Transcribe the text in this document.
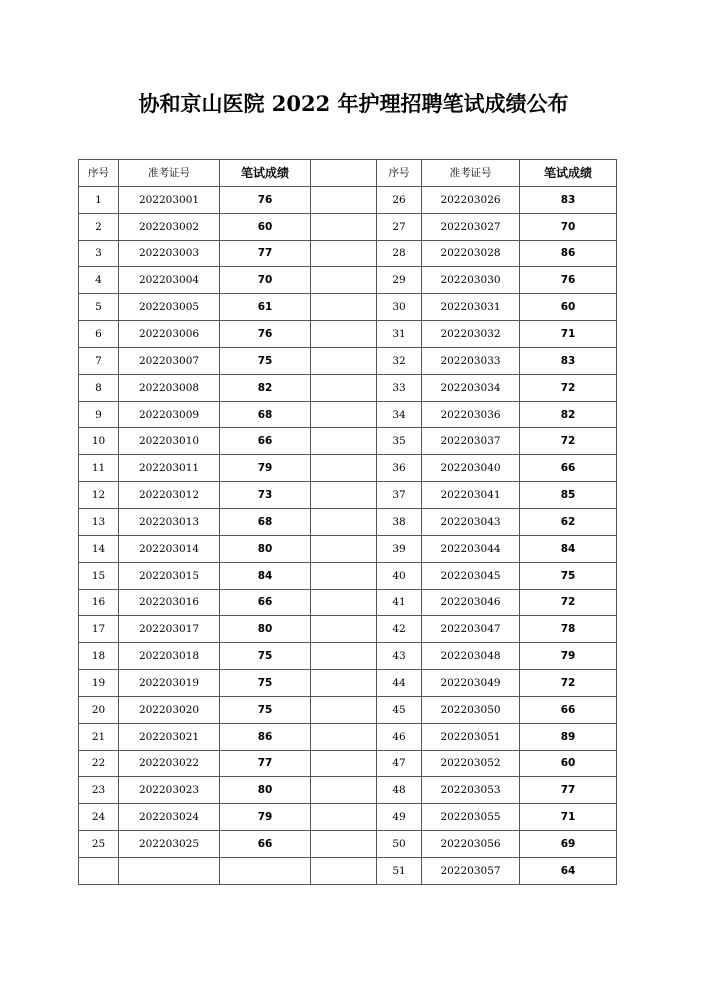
协和京山医院 2022 年护理招聘笔试成绩公布
序号	准考证号	笔试成绩		序号	准考证号	笔试成绩
1	202203001	76		26	202203026	83
2	202203002	60		27	202203027	70
3	202203003	77		28	202203028	86
4	202203004	70		29	202203030	76
5	202203005	61		30	202203031	60
6	202203006	76		31	202203032	71
7	202203007	75		32	202203033	83
8	202203008	82		33	202203034	72
9	202203009	68		34	202203036	82
10	202203010	66		35	202203037	72
11	202203011	79		36	202203040	66
12	202203012	73		37	202203041	85
13	202203013	68		38	202203043	62
14	202203014	80		39	202203044	84
15	202203015	84		40	202203045	75
16	202203016	66		41	202203046	72
17	202203017	80		42	202203047	78
18	202203018	75		43	202203048	79
19	202203019	75		44	202203049	72
20	202203020	75		45	202203050	66
21	202203021	86		46	202203051	89
22	202203022	77		47	202203052	60
23	202203023	80		48	202203053	77
24	202203024	79		49	202203055	71
25	202203025	66		50	202203056	69
				51	202203057	64
